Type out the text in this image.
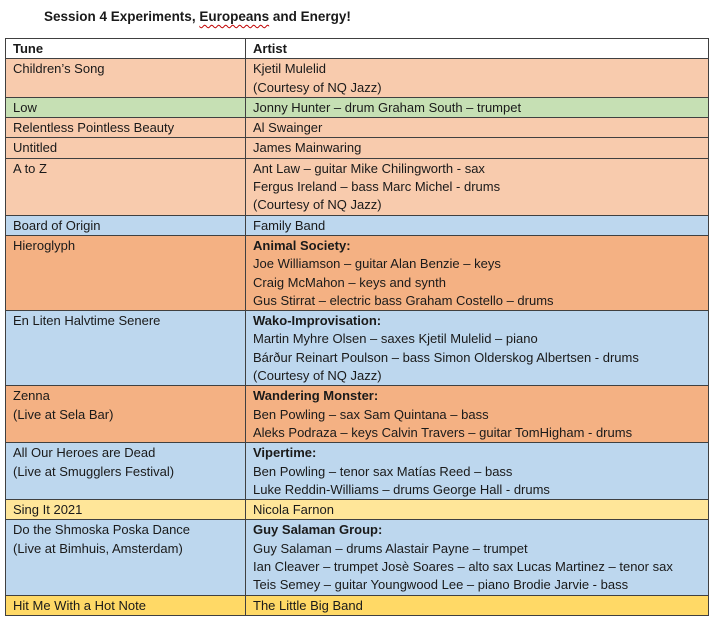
Session 4 Experiments, Europeans and Energy!
Tune	Artist

Children’s Song	Kjetil Mulelid
(Courtesy of NQ Jazz)

Low	Jonny Hunter – drum Graham South – trumpet

Relentless Pointless Beauty	Al Swainger

Untitled	James Mainwaring

A to Z	Ant Law – guitar Mike Chilingworth - sax
Fergus Ireland – bass Marc Michel - drums
(Courtesy of NQ Jazz)

Board of Origin	Family Band

Hieroglyph	Animal Society:
Joe Williamson – guitar Alan Benzie – keys
Craig McMahon – keys and synth
Gus Stirrat – electric bass Graham Costello – drums

En Liten Halvtime Senere	Wako-Improvisation:
Martin Myhre Olsen – saxes Kjetil Mulelid – piano
Bárður Reinart Poulson – bass Simon Olderskog Albertsen - drums
(Courtesy of NQ Jazz)

Zenna
(Live at Sela Bar)	Wandering Monster:
Ben Powling – sax Sam Quintana – bass
Aleks Podraza – keys Calvin Travers – guitar TomHigham - drums

All Our Heroes are Dead
(Live at Smugglers Festival)	Vipertime:
Ben Powling – tenor sax Matías Reed – bass
Luke Reddin-Williams – drums George Hall - drums

Sing It 2021	Nicola Farnon

Do the Shmoska Poska Dance
(Live at Bimhuis, Amsterdam)	Guy Salaman Group:
Guy Salaman – drums Alastair Payne – trumpet
Ian Cleaver – trumpet Josè Soares – alto sax Lucas Martinez – tenor sax
Teis Semey – guitar Youngwood Lee – piano Brodie Jarvie - bass

Hit Me With a Hot Note	The Little Big Band
